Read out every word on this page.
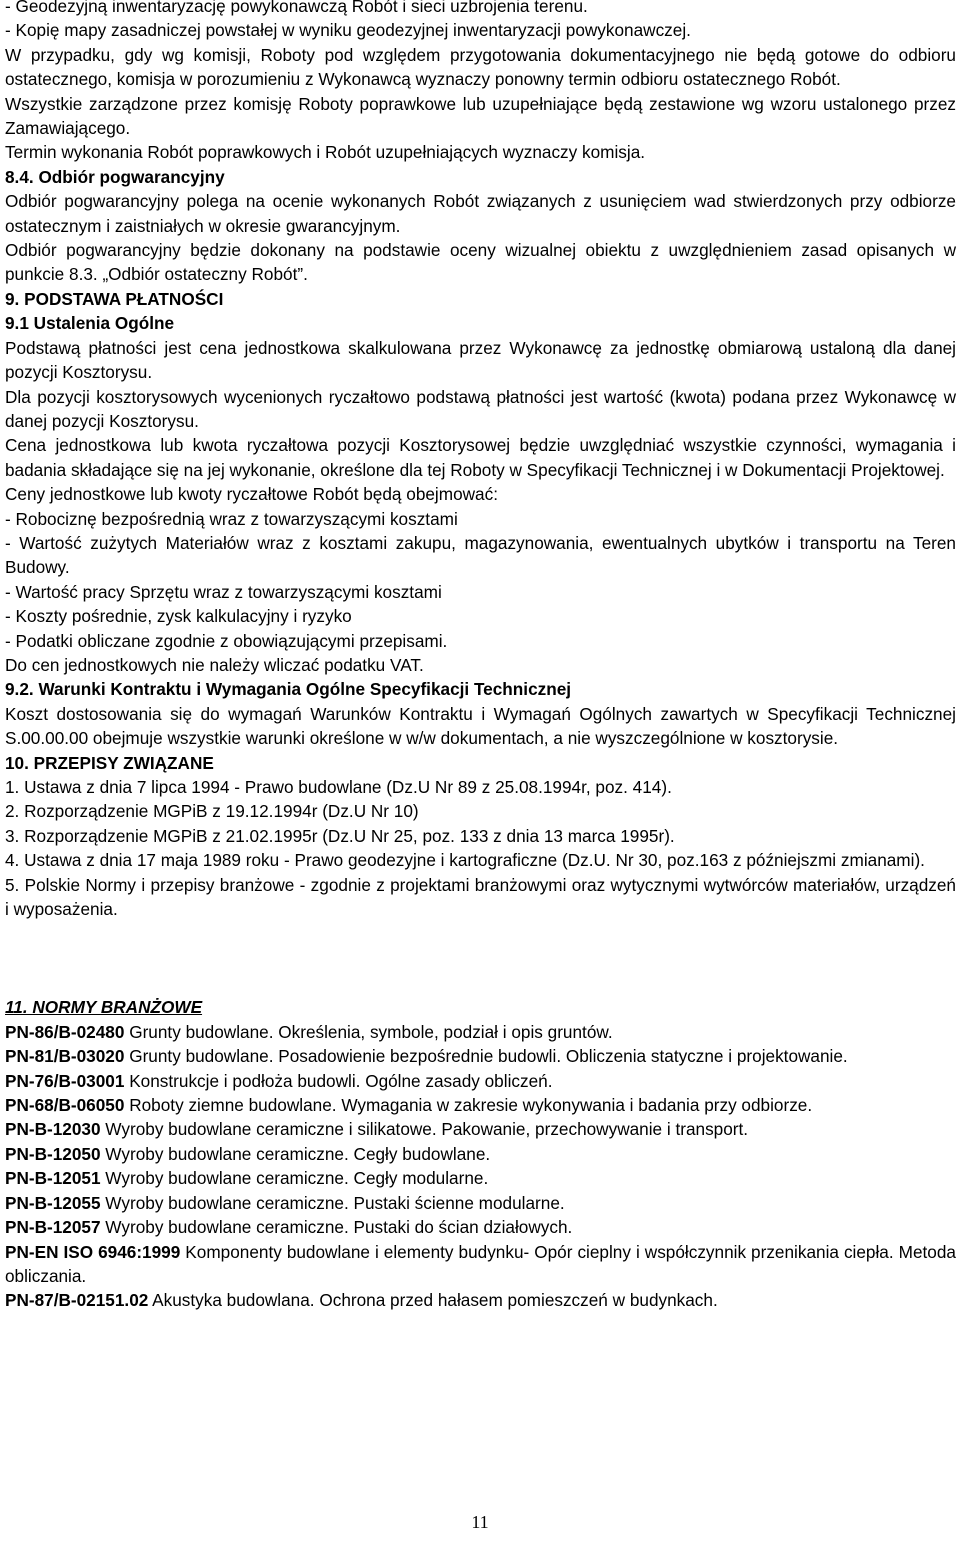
- Geodezyjną inwentaryzację powykonawczą Robót i sieci uzbrojenia terenu.
- Kopię mapy zasadniczej powstałej w wyniku geodezyjnej inwentaryzacji powykonawczej.

W przypadku, gdy wg komisji, Roboty pod względem przygotowania dokumentacyjnego nie będą gotowe do odbioru ostatecznego, komisja w porozumieniu z Wykonawcą wyznaczy ponowny termin odbioru ostatecznego Robót.

Wszystkie zarządzone przez komisję Roboty poprawkowe lub uzupełniające będą zestawione wg wzoru ustalonego przez Zamawiającego.

Termin wykonania Robót poprawkowych i Robót uzupełniających wyznaczy komisja.

8.4. Odbiór pogwarancyjny

Odbiór pogwarancyjny polega na ocenie wykonanych Robót związanych z usunięciem wad stwierdzonych przy odbiorze ostatecznym i zaistniałych w okresie gwarancyjnym.

Odbiór pogwarancyjny będzie dokonany na podstawie oceny wizualnej obiektu z uwzględnieniem zasad opisanych w punkcie 8.3. „Odbiór ostateczny Robót”.

9. PODSTAWA PŁATNOŚCI
9.1 Ustalenia Ogólne

Podstawą płatności jest cena jednostkowa skalkulowana przez Wykonawcę za jednostkę obmiarową ustaloną dla danej pozycji Kosztorysu.

Dla pozycji kosztorysowych wycenionych ryczałtowo podstawą płatności jest wartość (kwota) podana przez Wykonawcę w danej pozycji Kosztorysu.

Cena jednostkowa lub kwota ryczałtowa pozycji Kosztorysowej będzie uwzględniać wszystkie czynności, wymagania i badania składające się na jej wykonanie, określone dla tej Roboty w Specyfikacji Technicznej i w Dokumentacji Projektowej.

Ceny jednostkowe lub kwoty ryczałtowe Robót będą obejmować:

- Robociznę bezpośrednią wraz z towarzyszącymi kosztami

- Wartość zużytych Materiałów wraz z kosztami zakupu, magazynowania, ewentualnych ubytków i transportu na Teren Budowy.

- Wartość pracy Sprzętu wraz z towarzyszącymi kosztami

- Koszty pośrednie, zysk kalkulacyjny i ryzyko

- Podatki obliczane zgodnie z obowiązującymi przepisami.

Do cen jednostkowych nie należy wliczać podatku VAT.

9.2. Warunki Kontraktu i Wymagania Ogólne Specyfikacji Technicznej

Koszt dostosowania się do wymagań Warunków Kontraktu i Wymagań Ogólnych zawartych w Specyfikacji Technicznej S.00.00.00 obejmuje wszystkie warunki określone w w/w dokumentach, a nie wyszczególnione w kosztorysie.

10. PRZEPISY ZWIĄZANE

1. Ustawa z dnia 7 lipca 1994 - Prawo budowlane (Dz.U Nr 89 z 25.08.1994r, poz. 414).

2. Rozporządzenie MGPiB z 19.12.1994r (Dz.U Nr 10)

3. Rozporządzenie MGPiB z 21.02.1995r (Dz.U Nr 25, poz. 133 z dnia 13 marca 1995r).

4. Ustawa z dnia 17 maja 1989 roku - Prawo geodezyjne i kartograficzne (Dz.U. Nr 30, poz.163 z późniejszmi zmianami).

5. Polskie Normy i przepisy branżowe - zgodnie z projektami branżowymi oraz wytycznymi wytwórców materiałów, urządzeń i wyposażenia.

11. NORMY BRANŻOWE

PN-86/B-02480 Grunty budowlane. Określenia, symbole, podział i opis gruntów.

PN-81/B-03020 Grunty budowlane. Posadowienie bezpośrednie budowli. Obliczenia statyczne i projektowanie.

PN-76/B-03001 Konstrukcje i podłoża budowli. Ogólne zasady obliczeń.

PN-68/B-06050 Roboty ziemne budowlane. Wymagania w zakresie wykonywania i badania przy odbiorze.

PN-B-12030 Wyroby budowlane ceramiczne i silikatowe. Pakowanie, przechowywanie i transport.

PN-B-12050 Wyroby budowlane ceramiczne. Cegły budowlane.

PN-B-12051 Wyroby budowlane ceramiczne. Cegły modularne.

PN-B-12055 Wyroby budowlane ceramiczne. Pustaki ścienne modularne.

PN-B-12057 Wyroby budowlane ceramiczne. Pustaki do ścian działowych.

PN-EN ISO 6946:1999 Komponenty budowlane i elementy budynku- Opór cieplny i współczynnik przenikania ciepła. Metoda obliczania.

PN-87/B-02151.02 Akustyka budowlana. Ochrona przed hałasem pomieszczeń w budynkach.

11
